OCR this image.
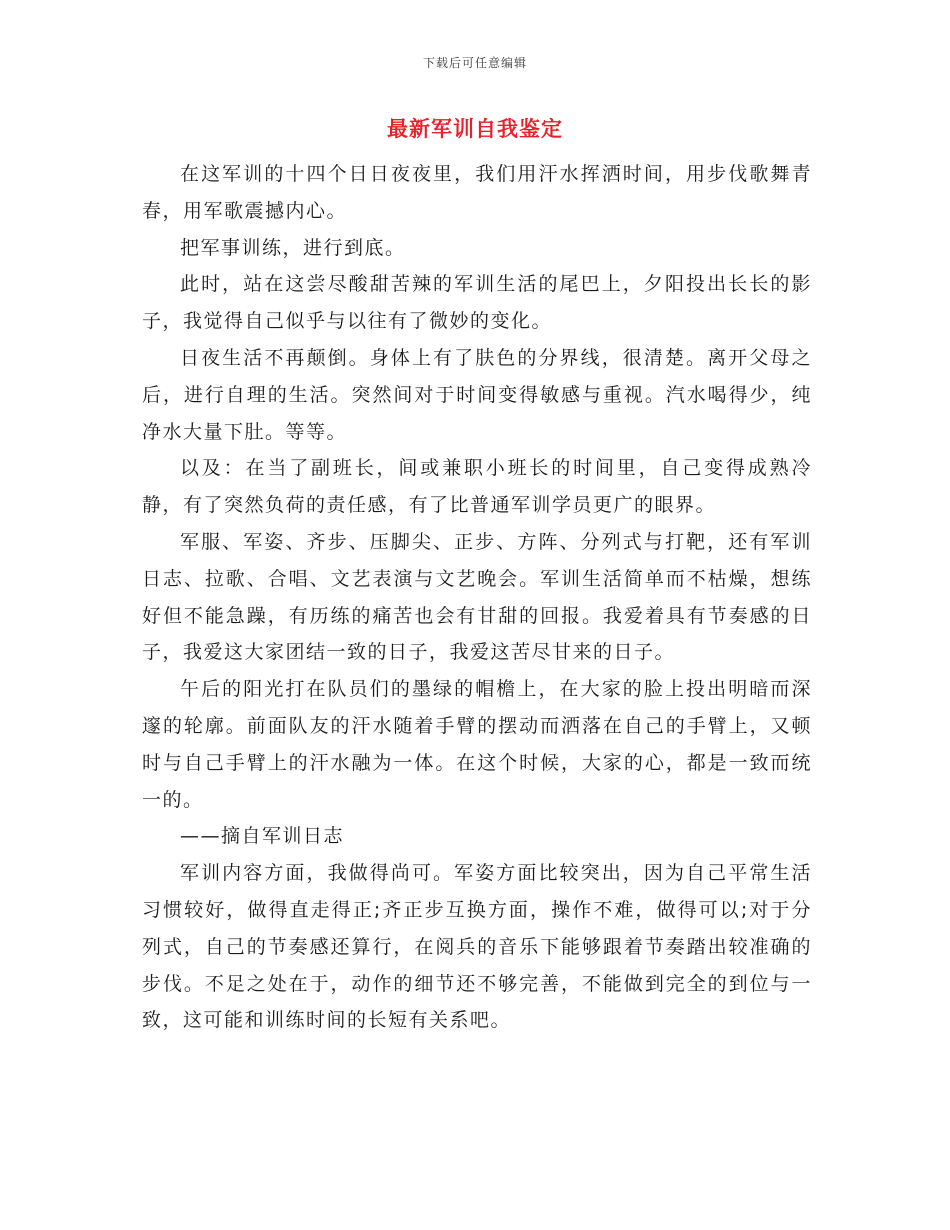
下载后可任意编辑
最新军训自我鉴定

在这军训的十四个日日夜夜里，我们用汗水挥洒时间，用步伐歌舞青春，用军歌震撼内心。

把军事训练，进行到底。

此时，站在这尝尽酸甜苦辣的军训生活的尾巴上，夕阳投出长长的影子，我觉得自己似乎与以往有了微妙的变化。

日夜生活不再颠倒。身体上有了肤色的分界线，很清楚。离开父母之后，进行自理的生活。突然间对于时间变得敏感与重视。汽水喝得少，纯净水大量下肚。等等。

以及：在当了副班长，间或兼职小班长的时间里，自己变得成熟冷静，有了突然负荷的责任感，有了比普通军训学员更广的眼界。

军服、军姿、齐步、压脚尖、正步、方阵、分列式与打靶，还有军训日志、拉歌、合唱、文艺表演与文艺晚会。军训生活简单而不枯燥，想练好但不能急躁，有历练的痛苦也会有甘甜的回报。我爱着具有节奏感的日子，我爱这大家团结一致的日子，我爱这苦尽甘来的日子。

午后的阳光打在队员们的墨绿的帽檐上，在大家的脸上投出明暗而深邃的轮廓。前面队友的汗水随着手臂的摆动而洒落在自己的手臂上，又顿时与自己手臂上的汗水融为一体。在这个时候，大家的心，都是一致而统一的。

——摘自军训日志

军训内容方面，我做得尚可。军姿方面比较突出，因为自己平常生活习惯较好，做得直走得正;齐正步互换方面，操作不难，做得可以;对于分列式，自己的节奏感还算行，在阅兵的音乐下能够跟着节奏踏出较准确的步伐。不足之处在于，动作的细节还不够完善，不能做到完全的到位与一致，这可能和训练时间的长短有关系吧。
